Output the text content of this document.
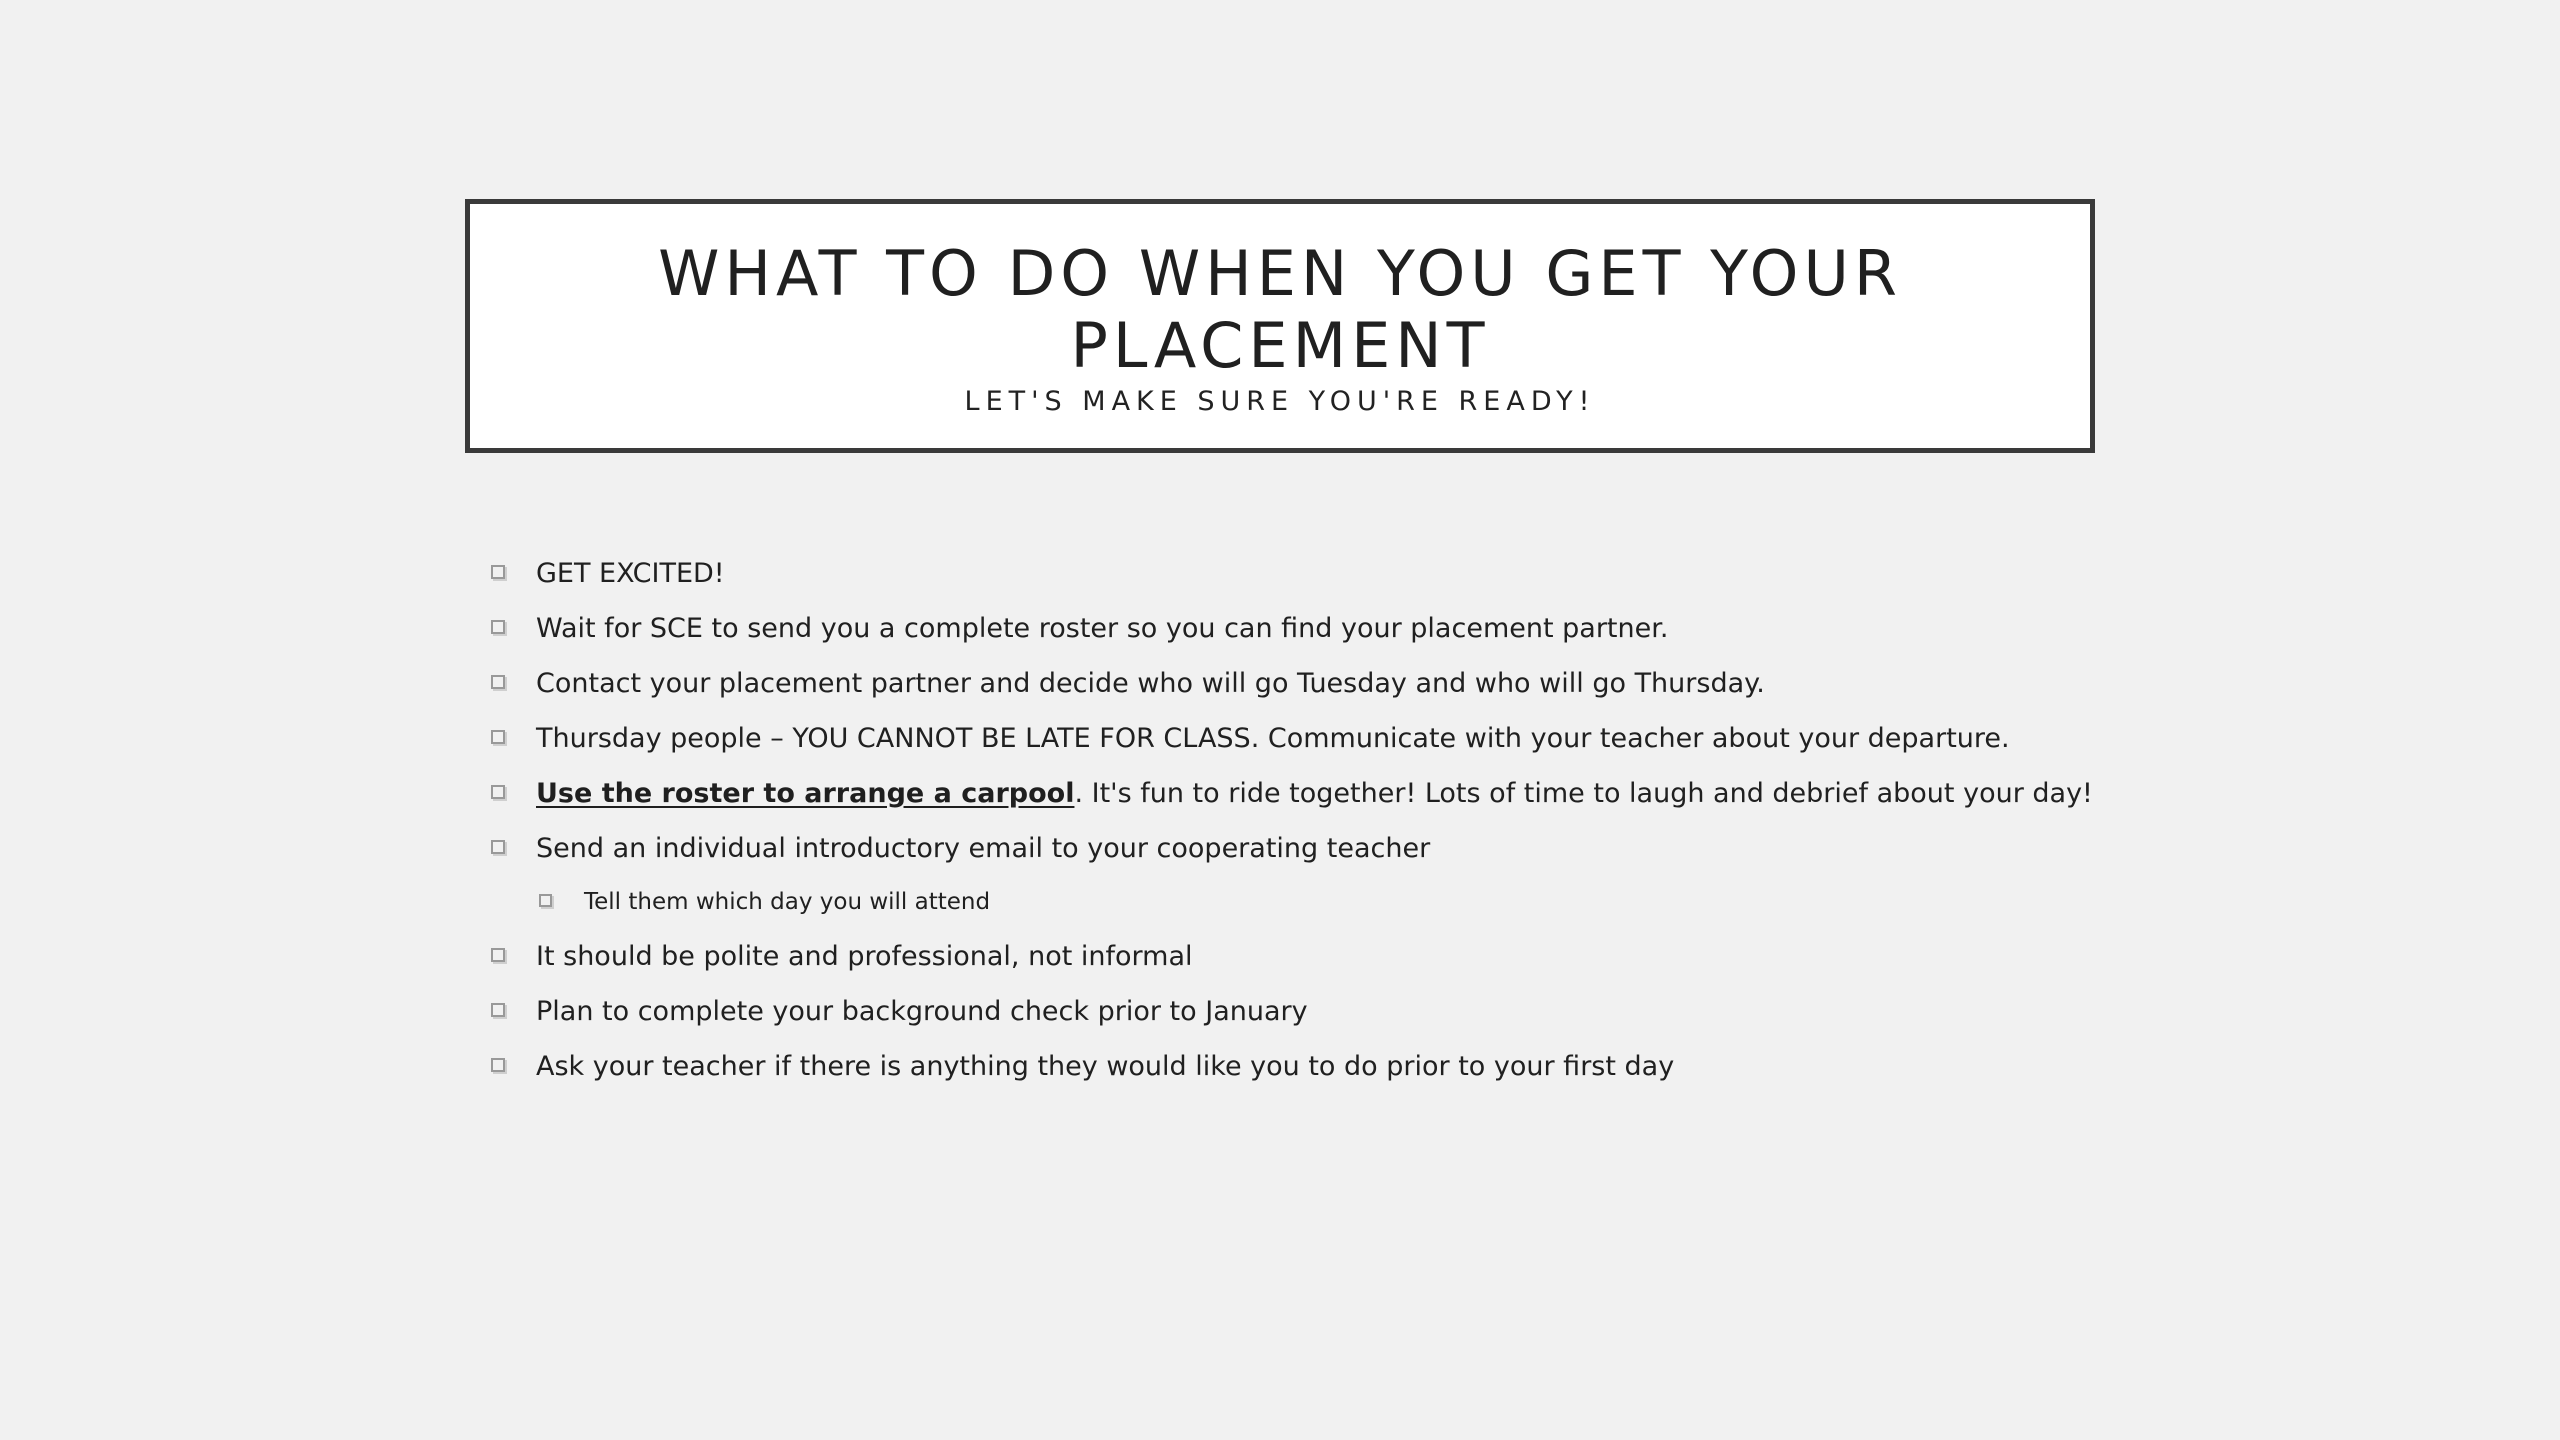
WHAT TO DO WHEN YOU GET YOUR PLACEMENT
LET'S MAKE SURE YOU'RE READY!
GET EXCITED!
Wait for SCE to send you a complete roster so you can find your placement partner.
Contact your placement partner and decide who will go Tuesday and who will go Thursday.
Thursday people – YOU CANNOT BE LATE FOR CLASS. Communicate with your teacher about your departure.
Use the roster to arrange a carpool. It's fun to ride together! Lots of time to laugh and debrief about your day!
Send an individual introductory email to your cooperating teacher
Tell them which day you will attend
It should be polite and professional, not informal
Plan to complete your background check prior to January
Ask your teacher if there is anything they would like you to do prior to your first day
